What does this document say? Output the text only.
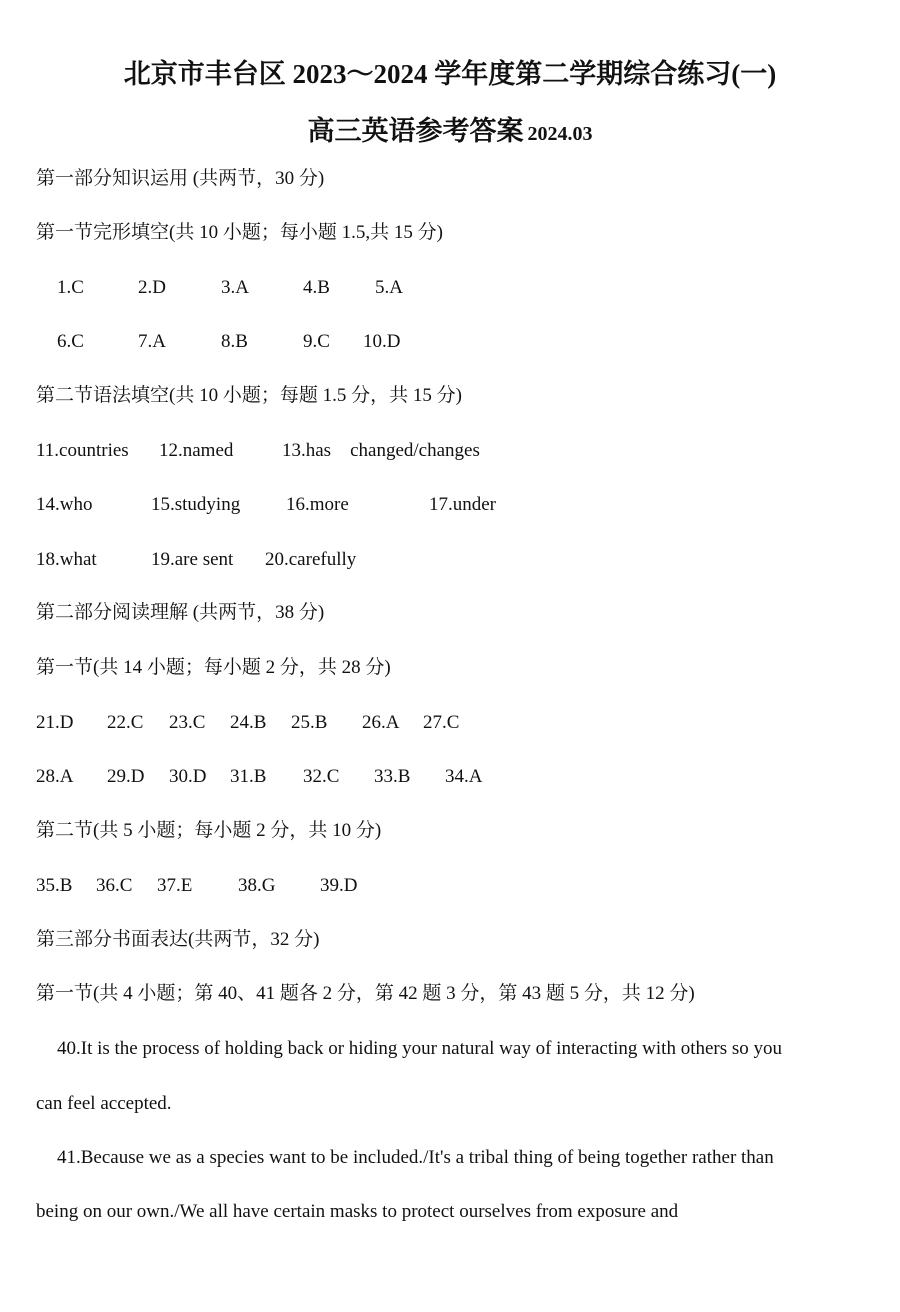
北京市丰台区 2023～2024 学年度第二学期综合练习(一)
高三英语参考答案 2024.03
第一部分知识运用 (共两节，30 分)
第一节完形填空(共 10 小题；每小题 1.5,共 15 分)
1.C	2.D	3.A	4.B 5.A
6.C	7.A	8.B	9.C 10.D
第二节语法填空(共 10 小题；每题 1.5 分，共 15 分)
11.countries 12.named	13.has　changed/changes
14.who	15.studying 16.more	17.under
18.what	19.are sent 20.carefully
第二部分阅读理解 (共两节，38 分)
第一节(共 14 小题；每小题 2 分，共 28 分)
21.D 22.C 23.C 24.B 25.B 26.A 27.C
28.A 29.D 30.D 31.B 32.C 33.B 34.A
第二节(共 5 小题；每小题 2 分，共 10 分)
35.B 36.C 37.E 38.G 39.D
第三部分书面表达(共两节，32 分)
第一节(共 4 小题；第 40、41 题各 2 分，第 42 题 3 分，第 43 题 5 分，共 12 分)
40.It is the process of holding back or hiding your natural way of interacting with others so you
can feel accepted.
41.Because we as a species want to be included./It's a tribal thing of being together rather than
being on our own./We all have certain masks to protect ourselves from exposure and
